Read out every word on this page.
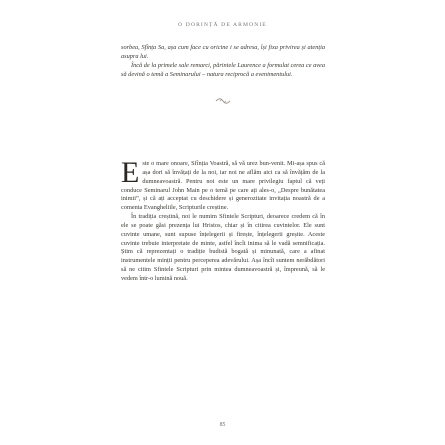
O DORINȚĂ DE ARMONIE

sorbea, Sfînța Sa, așa cum face cu oricine i se adresa, își fixa privirea și atenția asupra lui.

Încă de la primele sale remarci, părintele Laurence a formulat cerea ce avea să devină o temă a Seminarului – natura reciprocă a evenimentului.

Este o mare onoare, Sfînția Voastră, să vă urez bun-venit. Mi-așa spus că așa dori să învățați de la noi, iar noi ne aflăm aici ca să învățăm de la dumneavoastră. Pentru noi este un mare privilegiu faptul că veți conduce Seminarul John Main pe o temă pe care ați ales-o, „Despre bunătatea inimii”, și că ați acceptat cu deschidere și generozitate invitația noastră de a comenta Evangheliile, Scripturile creștine.

În tradiția creștină, noi le numim Sfintele Scripturi, deoarece credem că în ele se poate găsi prezența lui Hristos, chiar și în citirea cuvintelor. Ele sunt cuvinte umane, sunt supuse înțelegerii și firește, înțelegerii greșite. Aceste cuvinte trebuie interpretate de minte, astfel încît inima să le vadă semnificația. Știm că reprezentați o tradiție budistă bogată și minunată, care a afinat instrumentele minții pentru perceperea adevărului. Așa încît suntem nerăbdători să ne citim Sfintele Scripturi prin mintea dumneavoastră și, împreună, să le vedem într-o lumină nouă.

85
